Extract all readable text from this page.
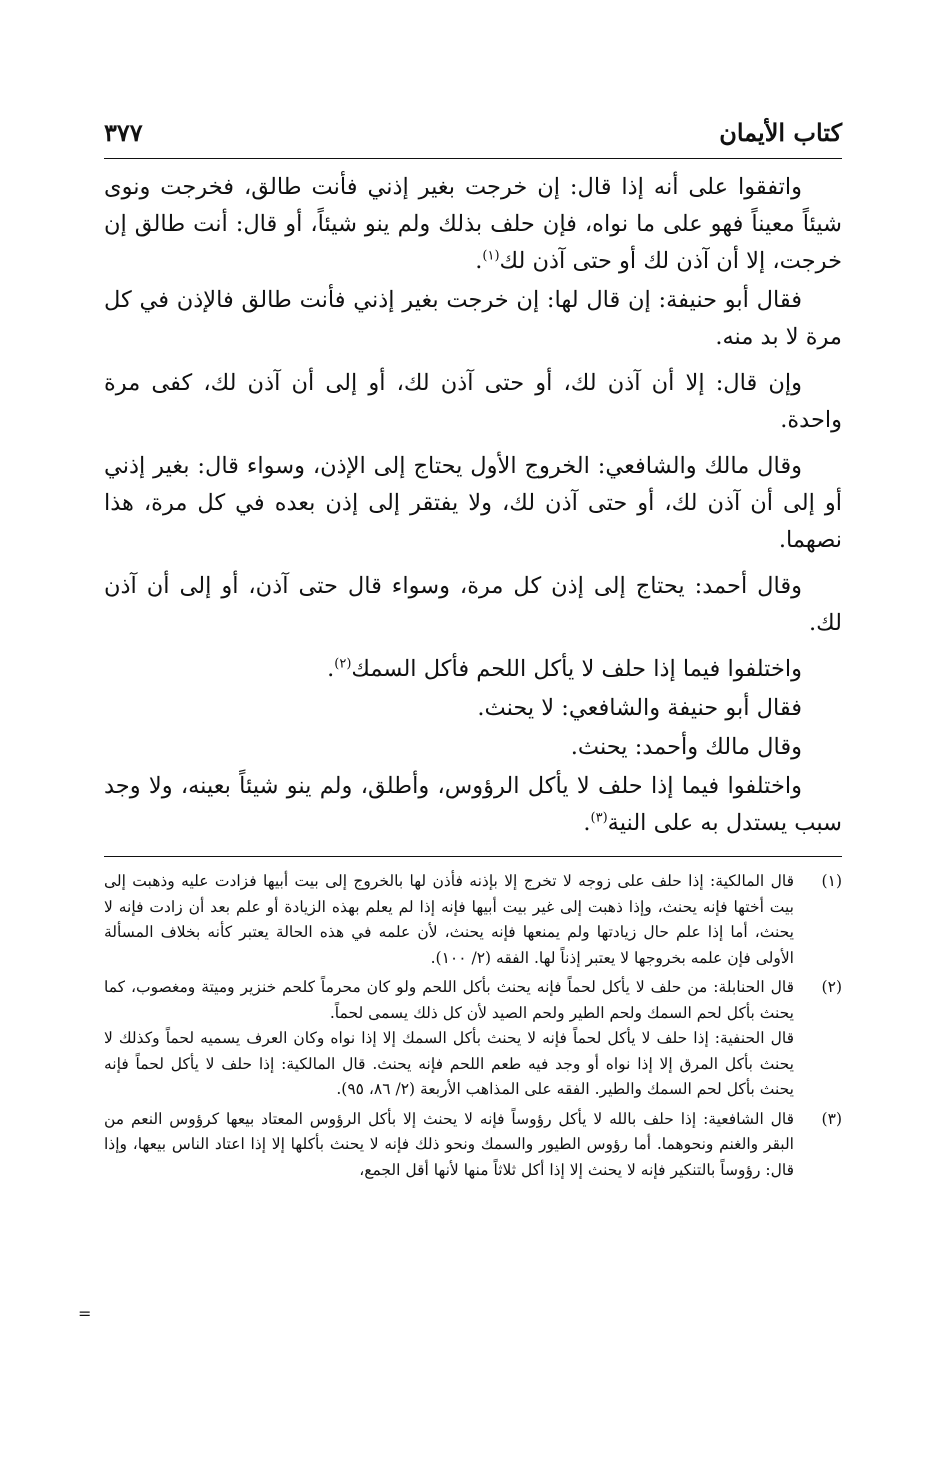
كتاب الأيمان
٣٧٧

واتفقوا على أنه إذا قال: إن خرجت بغير إذني فأنت طالق، فخرجت ونوى شيئاً معيناً فهو على ما نواه، فإن حلف بذلك ولم ينو شيئاً، أو قال: أنت طالق إن خرجت، إلا أن آذن لك أو حتى آذن لك$^{(١)}$.

فقال أبو حنيفة: إن قال لها: إن خرجت بغير إذني فأنت طالق فالإذن في كل مرة لا بد منه.

وإن قال: إلا أن آذن لك، أو حتى آذن لك، أو إلى أن آذن لك، كفى مرة واحدة.

وقال مالك والشافعي: الخروج الأول يحتاج إلى الإذن، وسواء قال: بغير إذني أو إلى أن آذن لك، أو حتى آذن لك، ولا يفتقر إلى إذن بعده في كل مرة، هذا نصهما.

وقال أحمد: يحتاج إلى إذن كل مرة، وسواء قال حتى آذن، أو إلى أن آذن لك.

واختلفوا فيما إذا حلف لا يأكل اللحم فأكل السمك$^{(٢)}$.

فقال أبو حنيفة والشافعي: لا يحنث.

وقال مالك وأحمد: يحنث.

واختلفوا فيما إذا حلف لا يأكل الرؤوس، وأطلق، ولم ينو شيئاً بعينه، ولا وجد سبب يستدل به على النية$^{(٣)}$.

(١)

قال المالكية: إذا حلف على زوجه لا تخرج إلا بإذنه فأذن لها بالخروج إلى بيت أبيها فزادت عليه وذهبت إلى بيت أختها فإنه يحنث، وإذا ذهبت إلى غير بيت أبيها فإنه إذا لم يعلم بهذه الزيادة أو علم بعد أن زادت فإنه لا يحنث، أما إذا علم حال زيادتها ولم يمنعها فإنه يحنث، لأن علمه في هذه الحالة يعتبر كأنه بخلاف المسألة الأولى فإن علمه بخروجها لا يعتبر إذناً لها. الفقه (٢/ ١٠٠).

(٢)

قال الحنابلة: من حلف لا يأكل لحماً فإنه يحنث بأكل اللحم ولو كان محرماً كلحم خنزير وميتة ومغصوب، كما يحنث بأكل لحم السمك ولحم الطير ولحم الصيد لأن كل ذلك يسمى لحماً.

قال الحنفية: إذا حلف لا يأكل لحماً فإنه لا يحنث بأكل السمك إلا إذا نواه وكان العرف يسميه لحماً وكذلك لا يحنث بأكل المرق إلا إذا نواه أو وجد فيه طعم اللحم فإنه يحنث. قال المالكية: إذا حلف لا يأكل لحماً فإنه يحنث بأكل لحم السمك والطير. الفقه على المذاهب الأربعة (٢/ ٨٦، ٩٥).

(٣)

قال الشافعية: إذا حلف بالله لا يأكل رؤوساً فإنه لا يحنث إلا بأكل الرؤوس المعتاد بيعها كرؤوس النعم من البقر والغنم ونحوهما. أما رؤوس الطيور والسمك ونحو ذلك فإنه لا يحنث بأكلها إلا إذا اعتاد الناس بيعها، وإذا قال: رؤوساً بالتنكير فإنه لا يحنث إلا إذا أكل ثلاثاً منها لأنها أقل الجمع،

=
